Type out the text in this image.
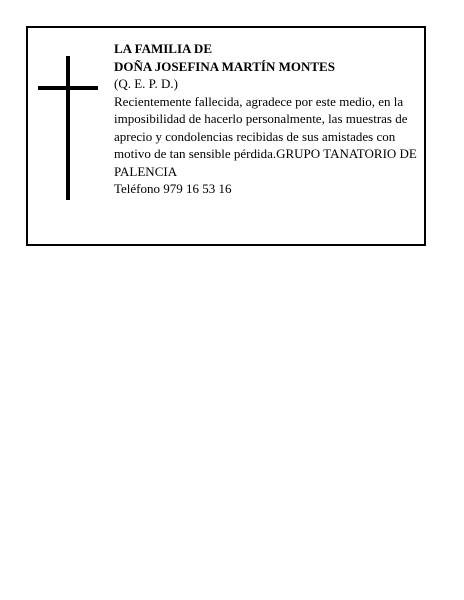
LA FAMILIA DE
DOÑA JOSEFINA MARTÍN MONTES
(Q. E. P. D.)
Recientemente fallecida, agradece por este medio, en la imposibilidad de hacerlo personalmente, las muestras de aprecio y condolencias recibidas de sus amistades con motivo de tan sensible pérdida.GRUPO TANATORIO DE PALENCIA
Teléfono 979 16 53 16
